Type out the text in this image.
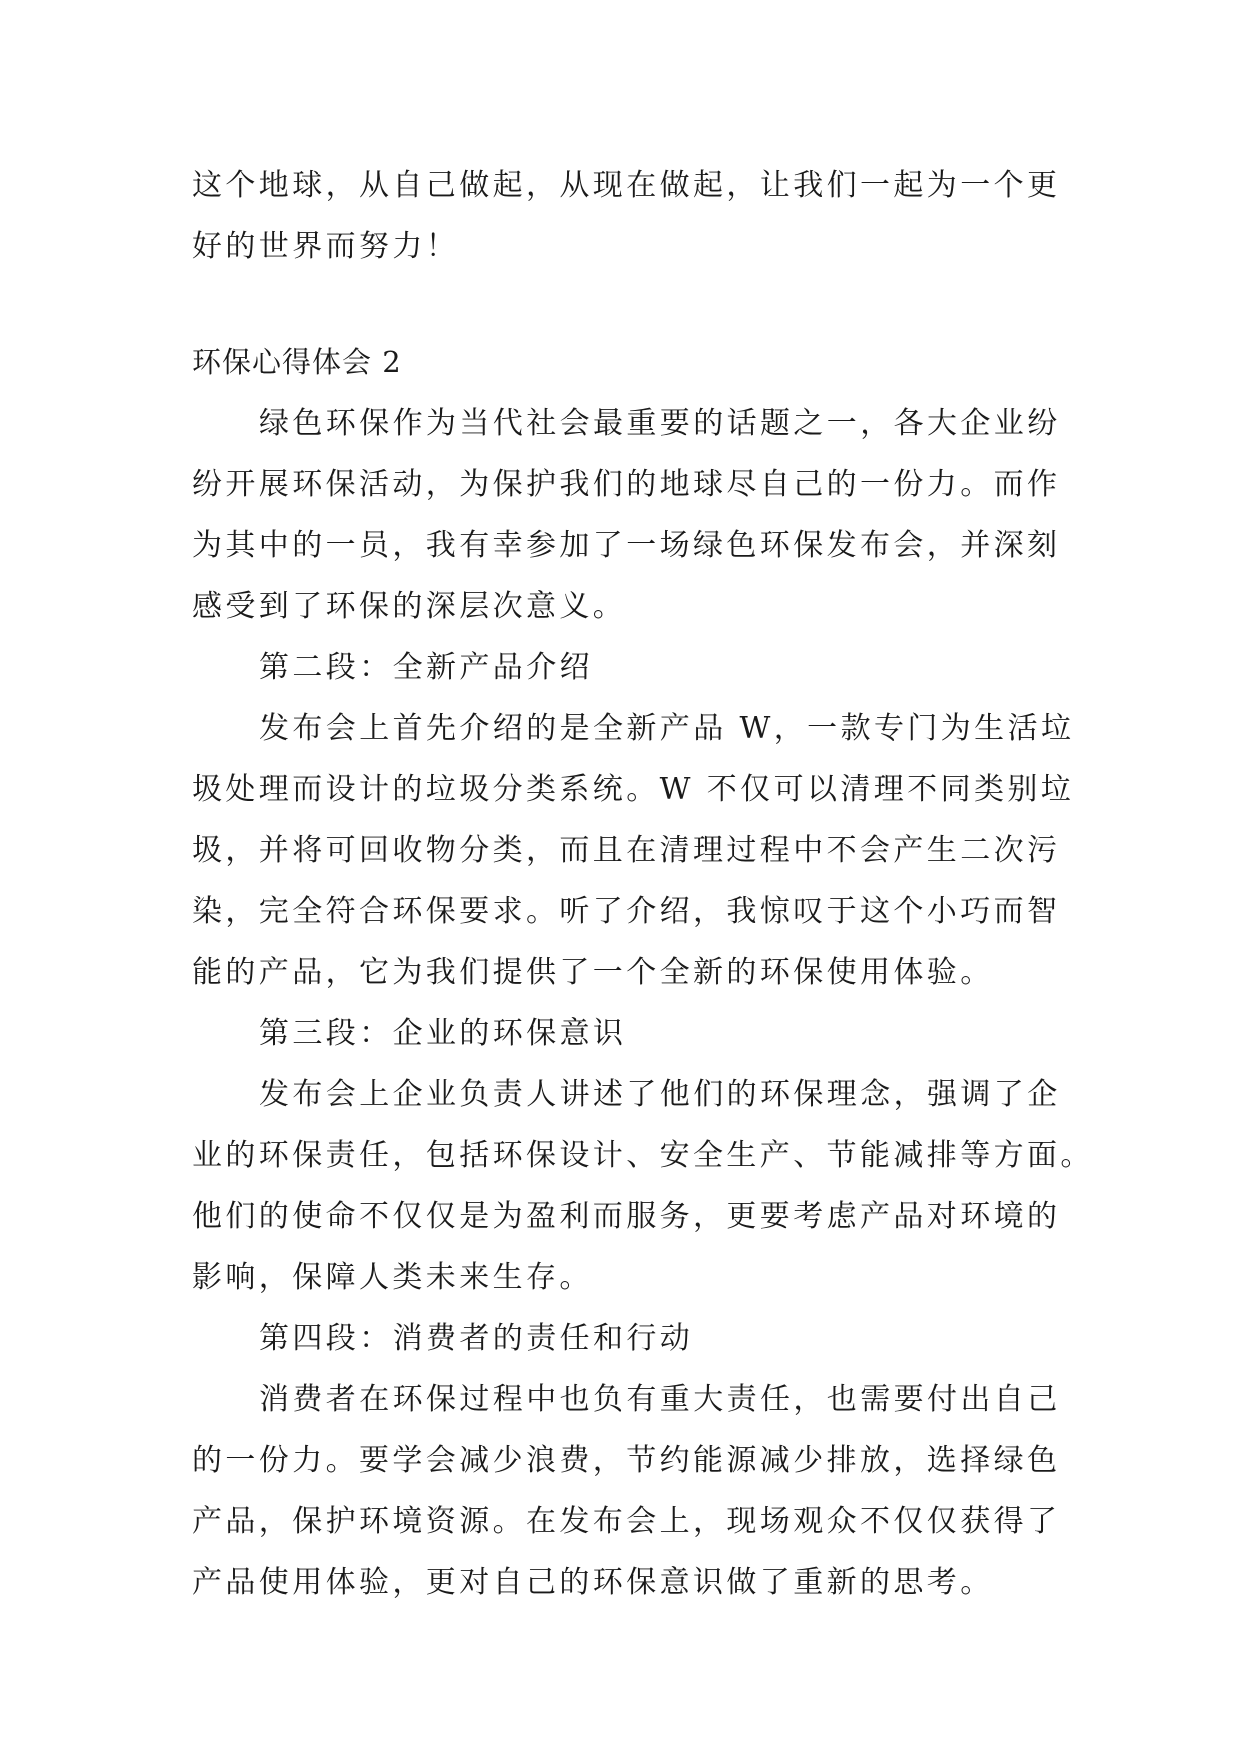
这个地球，从自己做起，从现在做起，让我们一起为一个更
好的世界而努力！
环保心得体会 2
绿色环保作为当代社会最重要的话题之一，各大企业纷
纷开展环保活动，为保护我们的地球尽自己的一份力。而作
为其中的一员，我有幸参加了一场绿色环保发布会，并深刻
感受到了环保的深层次意义。
第二段：全新产品介绍
发布会上首先介绍的是全新产品 W，一款专门为生活垃
圾处理而设计的垃圾分类系统。W 不仅可以清理不同类别垃
圾，并将可回收物分类，而且在清理过程中不会产生二次污
染，完全符合环保要求。听了介绍，我惊叹于这个小巧而智
能的产品，它为我们提供了一个全新的环保使用体验。
第三段：企业的环保意识
发布会上企业负责人讲述了他们的环保理念，强调了企
业的环保责任，包括环保设计、安全生产、节能减排等方面。
他们的使命不仅仅是为盈利而服务，更要考虑产品对环境的
影响，保障人类未来生存。
第四段：消费者的责任和行动
消费者在环保过程中也负有重大责任，也需要付出自己
的一份力。要学会减少浪费，节约能源减少排放，选择绿色
产品，保护环境资源。在发布会上，现场观众不仅仅获得了
产品使用体验，更对自己的环保意识做了重新的思考。
